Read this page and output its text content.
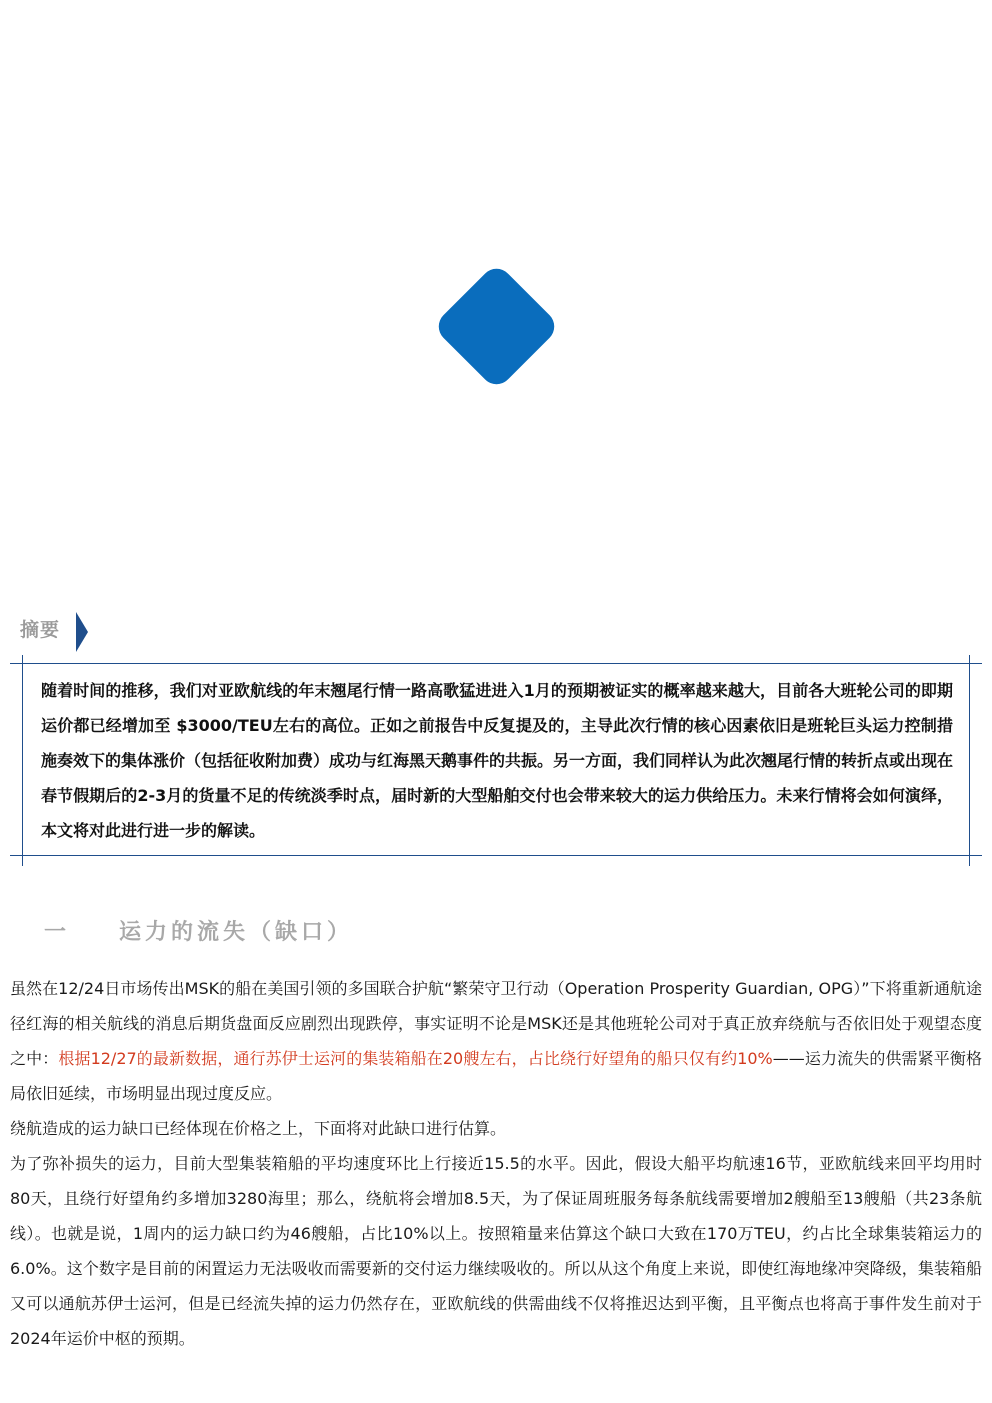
摘要

随着时间的推移，我们对亚欧航线的年末翘尾行情一路高歌猛进进入1月的预期被证实的概率越来越大，目前各大班轮公司的即期运价都已经增加至 $3000/TEU左右的高位。正如之前报告中反复提及的，主导此次行情的核心因素依旧是班轮巨头运力控制措施奏效下的集体涨价（包括征收附加费）成功与红海黑天鹅事件的共振。另一方面，我们同样认为此次翘尾行情的转折点或出现在春节假期后的2-3月的货量不足的传统淡季时点，届时新的大型船舶交付也会带来较大的运力供给压力。未来行情将会如何演绎，本文将对此进行进一步的解读。

一 运力的流失（缺口）

虽然在12/24日市场传出MSK的船在美国引领的多国联合护航“繁荣守卫行动（Operation Prosperity Guardian, OPG）”下将重新通航途径红海的相关航线的消息后期货盘面反应剧烈出现跌停，事实证明不论是MSK还是其他班轮公司对于真正放弃绕航与否依旧处于观望态度之中：根据12/27的最新数据，通行苏伊士运河的集装箱船在20艘左右，占比绕行好望角的船只仅有约10%——运力流失的供需紧平衡格局依旧延续，市场明显出现过度反应。

绕航造成的运力缺口已经体现在价格之上，下面将对此缺口进行估算。

为了弥补损失的运力，目前大型集装箱船的平均速度环比上行接近15.5的水平。因此，假设大船平均航速16节，亚欧航线来回平均用时80天，且绕行好望角约多增加3280海里；那么，绕航将会增加8.5天，为了保证周班服务每条航线需要增加2艘船至13艘船（共23条航线）。也就是说，1周内的运力缺口约为46艘船，占比10%以上。按照箱量来估算这个缺口大致在170万TEU，约占比全球集装箱运力的6.0%。这个数字是目前的闲置运力无法吸收而需要新的交付运力继续吸收的。所以从这个角度上来说，即使红海地缘冲突降级，集装箱船又可以通航苏伊士运河，但是已经流失掉的运力仍然存在，亚欧航线的供需曲线不仅将推迟达到平衡，且平衡点也将高于事件发生前对于2024年运价中枢的预期。
